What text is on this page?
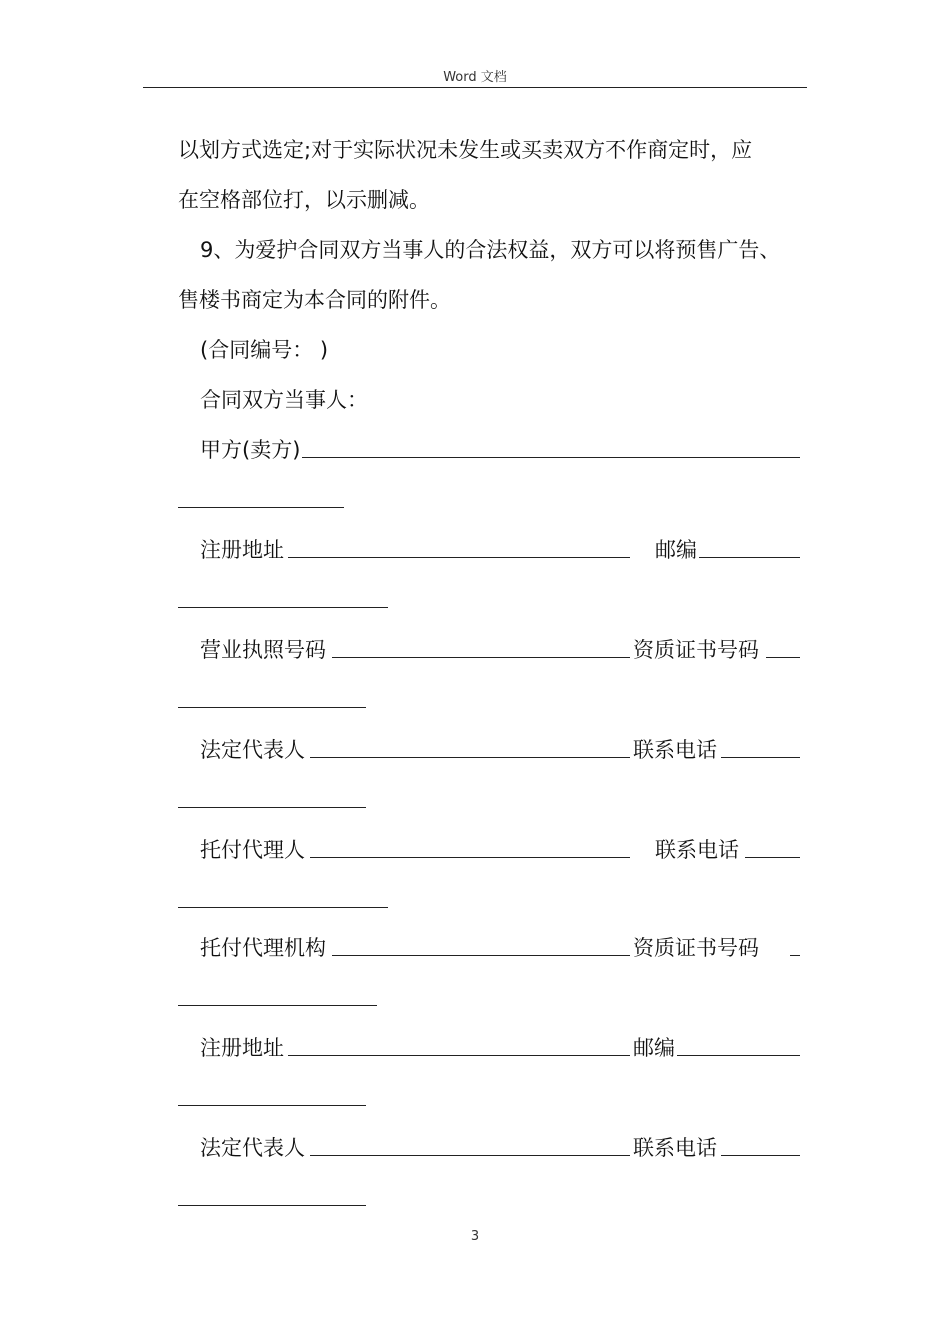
Word 文档
以划方式选定;对于实际状况未发生或买卖双方不作商定时，应
在空格部位打，以示删减。
9、为爱护合同双方当事人的合法权益，双方可以将预售广告、
售楼书商定为本合同的附件。
(合同编号： )
合同双方当事人：
甲方(卖方)
注册地址	邮编
营业执照号码	资质证书号码
法定代表人	联系电话
托付代理人	联系电话
托付代理机构	资质证书号码
注册地址	邮编
法定代表人	联系电话
3
